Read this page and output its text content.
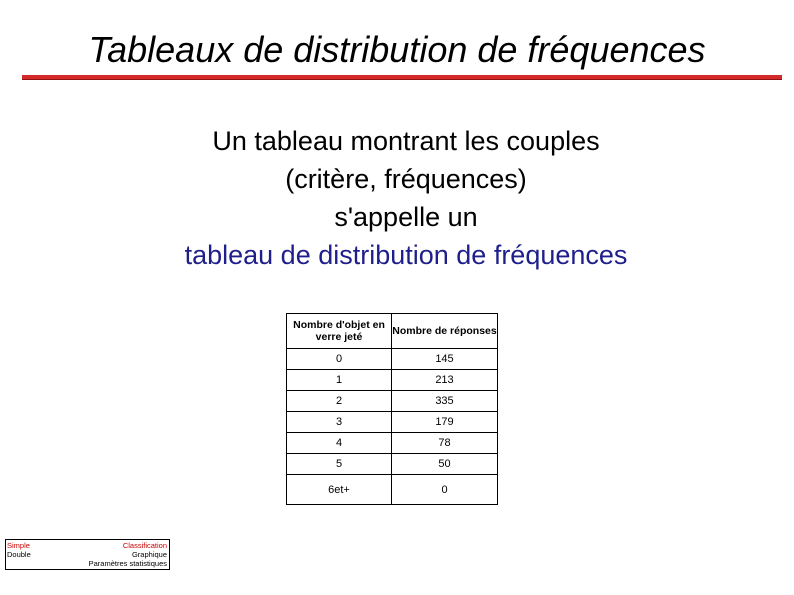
Tableaux de distribution de fréquences
Un tableau montrant les couples
(critère, fréquences)
s'appelle un
tableau de distribution de fréquences
Nombre d'objet en verre jeté	Nombre de réponses
0	145
1	213
2	335
3	179
4	78
5	50
6et+	0
Simple
Double
Classification
Graphique
Paramètres statistiques
